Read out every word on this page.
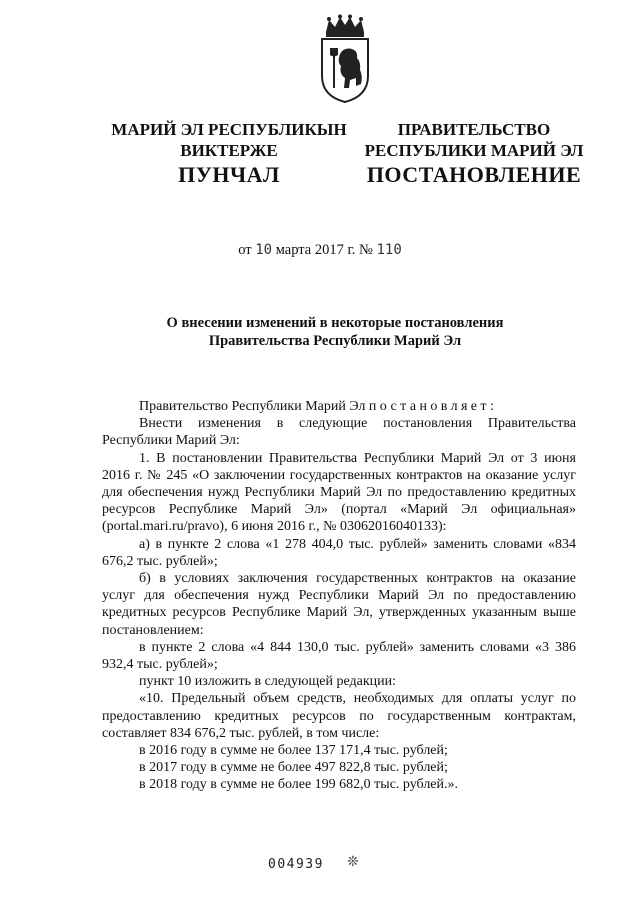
МАРИЙ ЭЛ РЕСПУБЛИКЫН
ВИКТЕРЖЕ
ПУНЧАЛ
ПРАВИТЕЛЬСТВО
РЕСПУБЛИКИ МАРИЙ ЭЛ
ПОСТАНОВЛЕНИЕ
от 10 марта 2017 г. № 110
О внесении изменений в некоторые постановления
Правительства Республики Марий Эл

Правительство Республики Марий Эл постановляет:

Внести изменения в следующие постановления Правительства Республики Марий Эл:

1. В постановлении Правительства Республики Марий Эл от 3 июня 2016 г. № 245 «О заключении государственных контрактов на оказание услуг для обеспечения нужд Республики Марий Эл по предоставлению кредитных ресурсов Республике Марий Эл» (портал «Марий Эл официальная» (portal.mari.ru/pravo), 6 июня 2016 г., № 03062016040133):

а) в пункте 2 слова «1 278 404,0 тыс. рублей» заменить словами «834 676,2 тыс. рублей»;

б) в условиях заключения государственных контрактов на оказание услуг для обеспечения нужд Республики Марий Эл по предоставлению кредитных ресурсов Республике Марий Эл, утвержденных указанным выше постановлением:

в пункте 2 слова «4 844 130,0 тыс. рублей» заменить словами «3 386 932,4 тыс. рублей»;

пункт 10 изложить в следующей редакции:

«10. Предельный объем средств, необходимых для оплаты услуг по предоставлению кредитных ресурсов по государственным контрактам, составляет 834 676,2 тыс. рублей, в том числе:

в 2016 году в сумме не более 137 171,4 тыс. рублей;

в 2017 году в сумме не более 497 822,8 тыс. рублей;

в 2018 году в сумме не более 199 682,0 тыс. рублей.».

004939 ❊
